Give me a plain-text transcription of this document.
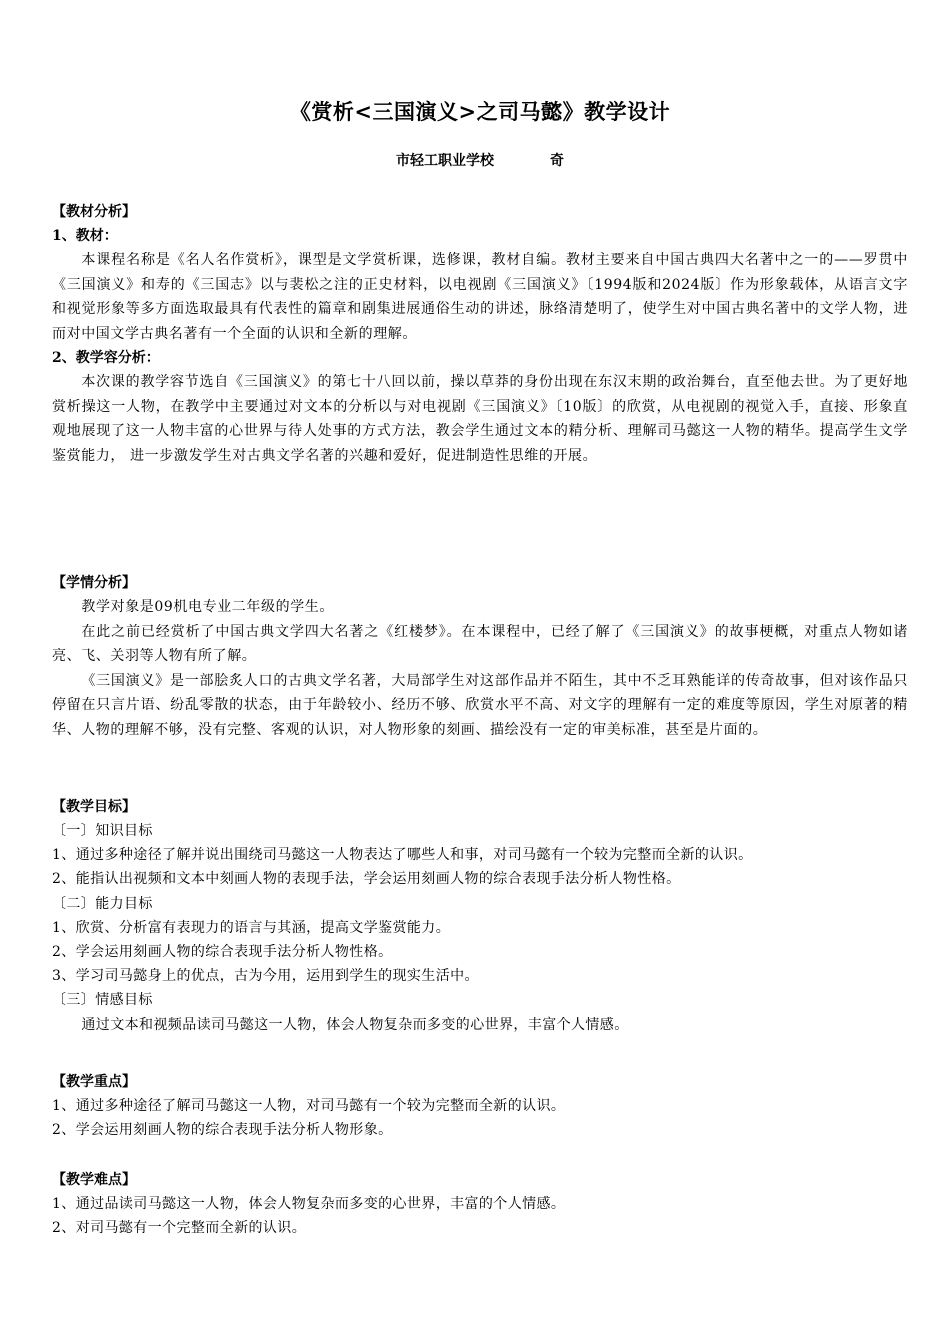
《赏析<三国演义>之司马懿》教学设计
市轻工职业学校	奇
【教材分析】
1、教材：

本课程名称是《名人名作赏析》，课型是文学赏析课，选修课，教材自编。教材主要来自中国古典四大名著中之一的——罗贯中《三国演义》和寿的《三国志》以与裴松之注的正史材料，以电视剧《三国演义》〔1994版和2024版〕作为形象载体，从语言文字和视觉形象等多方面选取最具有代表性的篇章和剧集进展通俗生动的讲述，脉络清楚明了，使学生对中国古典名著中的文学人物，进而对中国文学古典名著有一个全面的认识和全新的理解。

2、教学容分析：

本次课的教学容节选自《三国演义》的第七十八回以前，操以草莽的身份出现在东汉末期的政治舞台，直至他去世。为了更好地赏析操这一人物，在教学中主要通过对文本的分析以与对电视剧《三国演义》〔10版〕的欣赏，从电视剧的视觉入手，直接、形象直观地展现了这一人物丰富的心世界与待人处事的方式方法，教会学生通过文本的精分析、理解司马懿这一人物的精华。提高学生文学鉴赏能力， 进一步激发学生对古典文学名著的兴趣和爱好，促进制造性思维的开展。

【学情分析】

教学对象是09机电专业二年级的学生。

在此之前已经赏析了中国古典文学四大名著之《红楼梦》。在本课程中，已经了解了《三国演义》的故事梗概，对重点人物如诸亮、飞、关羽等人物有所了解。

《三国演义》是一部脍炙人口的古典文学名著，大局部学生对这部作品并不陌生，其中不乏耳熟能详的传奇故事，但对该作品只停留在只言片语、纷乱零散的状态，由于年龄较小、经历不够、欣赏水平不高、对文字的理解有一定的难度等原因，学生对原著的精华、人物的理解不够，没有完整、客观的认识，对人物形象的刻画、描绘没有一定的审美标准，甚至是片面的。

【教学目标】
〔一〕知识目标
1、通过多种途径了解并说出围绕司马懿这一人物表达了哪些人和事，对司马懿有一个较为完整而全新的认识。
2、能指认出视频和文本中刻画人物的表现手法，学会运用刻画人物的综合表现手法分析人物性格。
〔二〕能力目标
1、欣赏、分析富有表现力的语言与其涵，提高文学鉴赏能力。
2、学会运用刻画人物的综合表现手法分析人物性格。
3、学习司马懿身上的优点，古为今用，运用到学生的现实生活中。
〔三〕情感目标
通过文本和视频品读司马懿这一人物，体会人物复杂而多变的心世界，丰富个人情感。
【教学重点】
1、通过多种途径了解司马懿这一人物，对司马懿有一个较为完整而全新的认识。
2、学会运用刻画人物的综合表现手法分析人物形象。
【教学难点】
1、通过品读司马懿这一人物，体会人物复杂而多变的心世界，丰富的个人情感。
2、对司马懿有一个完整而全新的认识。
